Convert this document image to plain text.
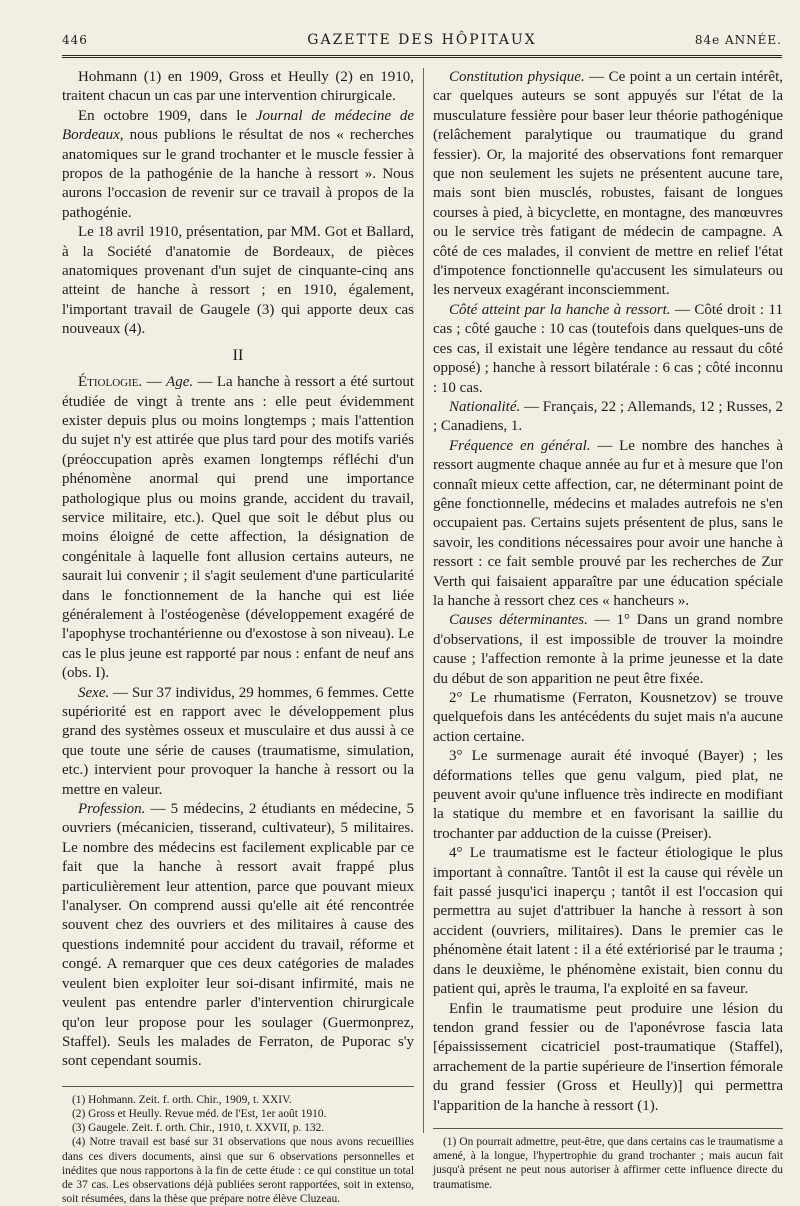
446	GAZETTE DES HÔPITAUX	84e ANNÉE.

Hohmann (1) en 1909, Gross et Heully (2) en 1910, traitent chacun un cas par une intervention chirurgicale.

En octobre 1909, dans le Journal de médecine de Bordeaux, nous publions le résultat de nos « recherches anatomiques sur le grand trochanter et le muscle fessier à propos de la pathogénie de la hanche à ressort ». Nous aurons l'occasion de revenir sur ce travail à propos de la pathogénie.

Le 18 avril 1910, présentation, par MM. Got et Ballard, à la Société d'anatomie de Bordeaux, de pièces anatomiques provenant d'un sujet de cinquante-cinq ans atteint de hanche à ressort ; en 1910, également, l'important travail de Gaugele (3) qui apporte deux cas nouveaux (4).

II

Étiologie. — Age. — La hanche à ressort a été surtout étudiée de vingt à trente ans : elle peut évidemment exister depuis plus ou moins longtemps ; mais l'attention du sujet n'y est attirée que plus tard pour des motifs variés (préoccupation après examen longtemps réfléchi d'un phénomène anormal qui prend une importance pathologique plus ou moins grande, accident du travail, service militaire, etc.). Quel que soit le début plus ou moins éloigné de cette affection, la désignation de congénitale à laquelle font allusion certains auteurs, ne saurait lui convenir ; il s'agit seulement d'une particularité dans le fonctionnement de la hanche qui est liée généralement à l'ostéogenèse (développement exagéré de l'apophyse trochantérienne ou d'exostose à son niveau). Le cas le plus jeune est rapporté par nous : enfant de neuf ans (obs. I).

Sexe. — Sur 37 individus, 29 hommes, 6 femmes. Cette supériorité est en rapport avec le développement plus grand des systèmes osseux et musculaire et dus aussi à ce que toute une série de causes (traumatisme, simulation, etc.) intervient pour provoquer la hanche à ressort ou la mettre en valeur.

Profession. — 5 médecins, 2 étudiants en médecine, 5 ouvriers (mécanicien, tisserand, cultivateur), 5 militaires. Le nombre des médecins est facilement explicable par ce fait que la hanche à ressort avait frappé plus particulièrement leur attention, parce que pouvant mieux l'analyser. On comprend aussi qu'elle ait été rencontrée souvent chez des ouvriers et des militaires à cause des questions indemnité pour accident du travail, réforme et congé. A remarquer que ces deux catégories de malades veulent bien exploiter leur soi-disant infirmité, mais ne veulent pas entendre parler d'intervention chirurgicale qu'on leur propose pour les soulager (Guermonprez, Staffel). Seuls les malades de Ferraton, de Puporac s'y sont cependant soumis.

(1) Hohmann. Zeit. f. orth. Chir., 1909, t. XXIV.

(2) Gross et Heully. Revue méd. de l'Est, 1er août 1910.

(3) Gaugele. Zeit. f. orth. Chir., 1910, t. XXVII, p. 132.

(4) Notre travail est basé sur 31 observations que nous avons recueillies dans ces divers documents, ainsi que sur 6 observations personnelles et inédites que nous rapportons à la fin de cette étude : ce qui constitue un total de 37 cas. Les observations déjà publiées seront rapportées, soit in extenso, soit résumées, dans la thèse que prépare notre élève Cluzeau.

Constitution physique. — Ce point a un certain intérêt, car quelques auteurs se sont appuyés sur l'état de la musculature fessière pour baser leur théorie pathogénique (relâchement paralytique ou traumatique du grand fessier). Or, la majorité des observations font remarquer que non seulement les sujets ne présentent aucune tare, mais sont bien musclés, robustes, faisant de longues courses à pied, à bicyclette, en montagne, des manœuvres ou le service très fatigant de médecin de campagne. A côté de ces malades, il convient de mettre en relief l'état d'impotence fonctionnelle qu'accusent les simulateurs ou les nerveux exagérant inconsciemment.

Côté atteint par la hanche à ressort. — Côté droit : 11 cas ; côté gauche : 10 cas (toutefois dans quelques-uns de ces cas, il existait une légère tendance au ressaut du côté opposé) ; hanche à ressort bilatérale : 6 cas ; côté inconnu : 10 cas.

Nationalité. — Français, 22 ; Allemands, 12 ; Russes, 2 ; Canadiens, 1.

Fréquence en général. — Le nombre des hanches à ressort augmente chaque année au fur et à mesure que l'on connaît mieux cette affection, car, ne déterminant point de gêne fonctionnelle, médecins et malades autrefois ne s'en occupaient pas. Certains sujets présentent de plus, sans le savoir, les conditions nécessaires pour avoir une hanche à ressort : ce fait semble prouvé par les recherches de Zur Verth qui faisaient apparaître par une éducation spéciale la hanche à ressort chez ces « hancheurs ».

Causes déterminantes. — 1° Dans un grand nombre d'observations, il est impossible de trouver la moindre cause ; l'affection remonte à la prime jeunesse et la date du début de son apparition ne peut être fixée.

2° Le rhumatisme (Ferraton, Kousnetzov) se trouve quelquefois dans les antécédents du sujet mais n'a aucune action certaine.

3° Le surmenage aurait été invoqué (Bayer) ; les déformations telles que genu valgum, pied plat, ne peuvent avoir qu'une influence très indirecte en modifiant la statique du membre et en favorisant la saillie du trochanter par adduction de la cuisse (Preiser).

4° Le traumatisme est le facteur étiologique le plus important à connaître. Tantôt il est la cause qui révèle un fait passé jusqu'ici inaperçu ; tantôt il est l'occasion qui permettra au sujet d'attribuer la hanche à ressort à son accident (ouvriers, militaires). Dans le premier cas le phénomène était latent : il a été extériorisé par le trauma ; dans le deuxième, le phénomène existait, bien connu du patient qui, après le trauma, l'a exploité en sa faveur.

Enfin le traumatisme peut produire une lésion du tendon grand fessier ou de l'aponévrose fascia lata [épaississement cicatriciel post-traumatique (Staffel), arrachement de la partie supérieure de l'insertion fémorale du grand fessier (Gross et Heully)] qui permettra l'apparition de la hanche à ressort (1).

(1) On pourrait admettre, peut-être, que dans certains cas le traumatisme a amené, à la longue, l'hypertrophie du grand trochanter ; mais aucun fait jusqu'à présent ne peut nous autoriser à affirmer cette influence directe du traumatisme.
